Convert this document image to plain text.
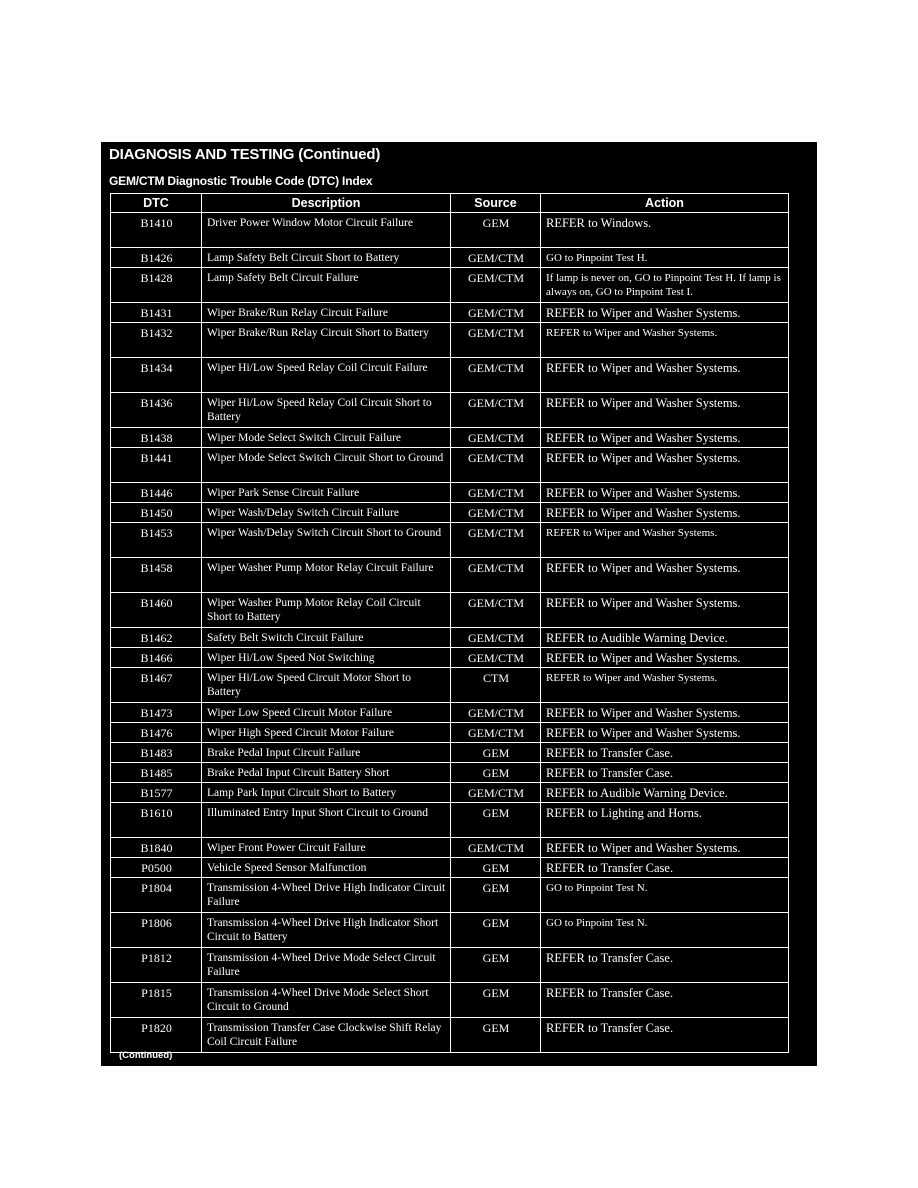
DIAGNOSIS AND TESTING (Continued)
GEM/CTM Diagnostic Trouble Code (DTC) Index
DTC	Description	Source	Action
B1410	Driver Power Window Motor Circuit Failure	GEM	REFER to Windows.
B1426	Lamp Safety Belt Circuit Short to Battery	GEM/CTM	GO to Pinpoint Test H.
B1428	Lamp Safety Belt Circuit Failure	GEM/CTM	If lamp is never on, GO to Pinpoint Test H. If lamp is always on, GO to Pinpoint Test I.
B1431	Wiper Brake/Run Relay Circuit Failure	GEM/CTM	REFER to Wiper and Washer Systems.
B1432	Wiper Brake/Run Relay Circuit Short to Battery	GEM/CTM	REFER to Wiper and Washer Systems.
B1434	Wiper Hi/Low Speed Relay Coil Circuit Failure	GEM/CTM	REFER to Wiper and Washer Systems.
B1436	Wiper Hi/Low Speed Relay Coil Circuit Short to Battery	GEM/CTM	REFER to Wiper and Washer Systems.
B1438	Wiper Mode Select Switch Circuit Failure	GEM/CTM	REFER to Wiper and Washer Systems.
B1441	Wiper Mode Select Switch Circuit Short to Ground	GEM/CTM	REFER to Wiper and Washer Systems.
B1446	Wiper Park Sense Circuit Failure	GEM/CTM	REFER to Wiper and Washer Systems.
B1450	Wiper Wash/Delay Switch Circuit Failure	GEM/CTM	REFER to Wiper and Washer Systems.
B1453	Wiper Wash/Delay Switch Circuit Short to Ground	GEM/CTM	REFER to Wiper and Washer Systems.
B1458	Wiper Washer Pump Motor Relay Circuit Failure	GEM/CTM	REFER to Wiper and Washer Systems.
B1460	Wiper Washer Pump Motor Relay Coil Circuit Short to Battery	GEM/CTM	REFER to Wiper and Washer Systems.
B1462	Safety Belt Switch Circuit Failure	GEM/CTM	REFER to Audible Warning Device.
B1466	Wiper Hi/Low Speed Not Switching	GEM/CTM	REFER to Wiper and Washer Systems.
B1467	Wiper Hi/Low Speed Circuit Motor Short to Battery	CTM	REFER to Wiper and Washer Systems.
B1473	Wiper Low Speed Circuit Motor Failure	GEM/CTM	REFER to Wiper and Washer Systems.
B1476	Wiper High Speed Circuit Motor Failure	GEM/CTM	REFER to Wiper and Washer Systems.
B1483	Brake Pedal Input Circuit Failure	GEM	REFER to Transfer Case.
B1485	Brake Pedal Input Circuit Battery Short	GEM	REFER to Transfer Case.
B1577	Lamp Park Input Circuit Short to Battery	GEM/CTM	REFER to Audible Warning Device.
B1610	Illuminated Entry Input Short Circuit to Ground	GEM	REFER to Lighting and Horns.
B1840	Wiper Front Power Circuit Failure	GEM/CTM	REFER to Wiper and Washer Systems.
P0500	Vehicle Speed Sensor Malfunction	GEM	REFER to Transfer Case.
P1804	Transmission 4-Wheel Drive High Indicator Circuit Failure	GEM	GO to Pinpoint Test N.
P1806	Transmission 4-Wheel Drive High Indicator Short Circuit to Battery	GEM	GO to Pinpoint Test N.
P1812	Transmission 4-Wheel Drive Mode Select Circuit Failure	GEM	REFER to Transfer Case.
P1815	Transmission 4-Wheel Drive Mode Select Short Circuit to Ground	GEM	REFER to Transfer Case.
P1820	Transmission Transfer Case Clockwise Shift Relay Coil Circuit Failure	GEM	REFER to Transfer Case.
(Continued)
